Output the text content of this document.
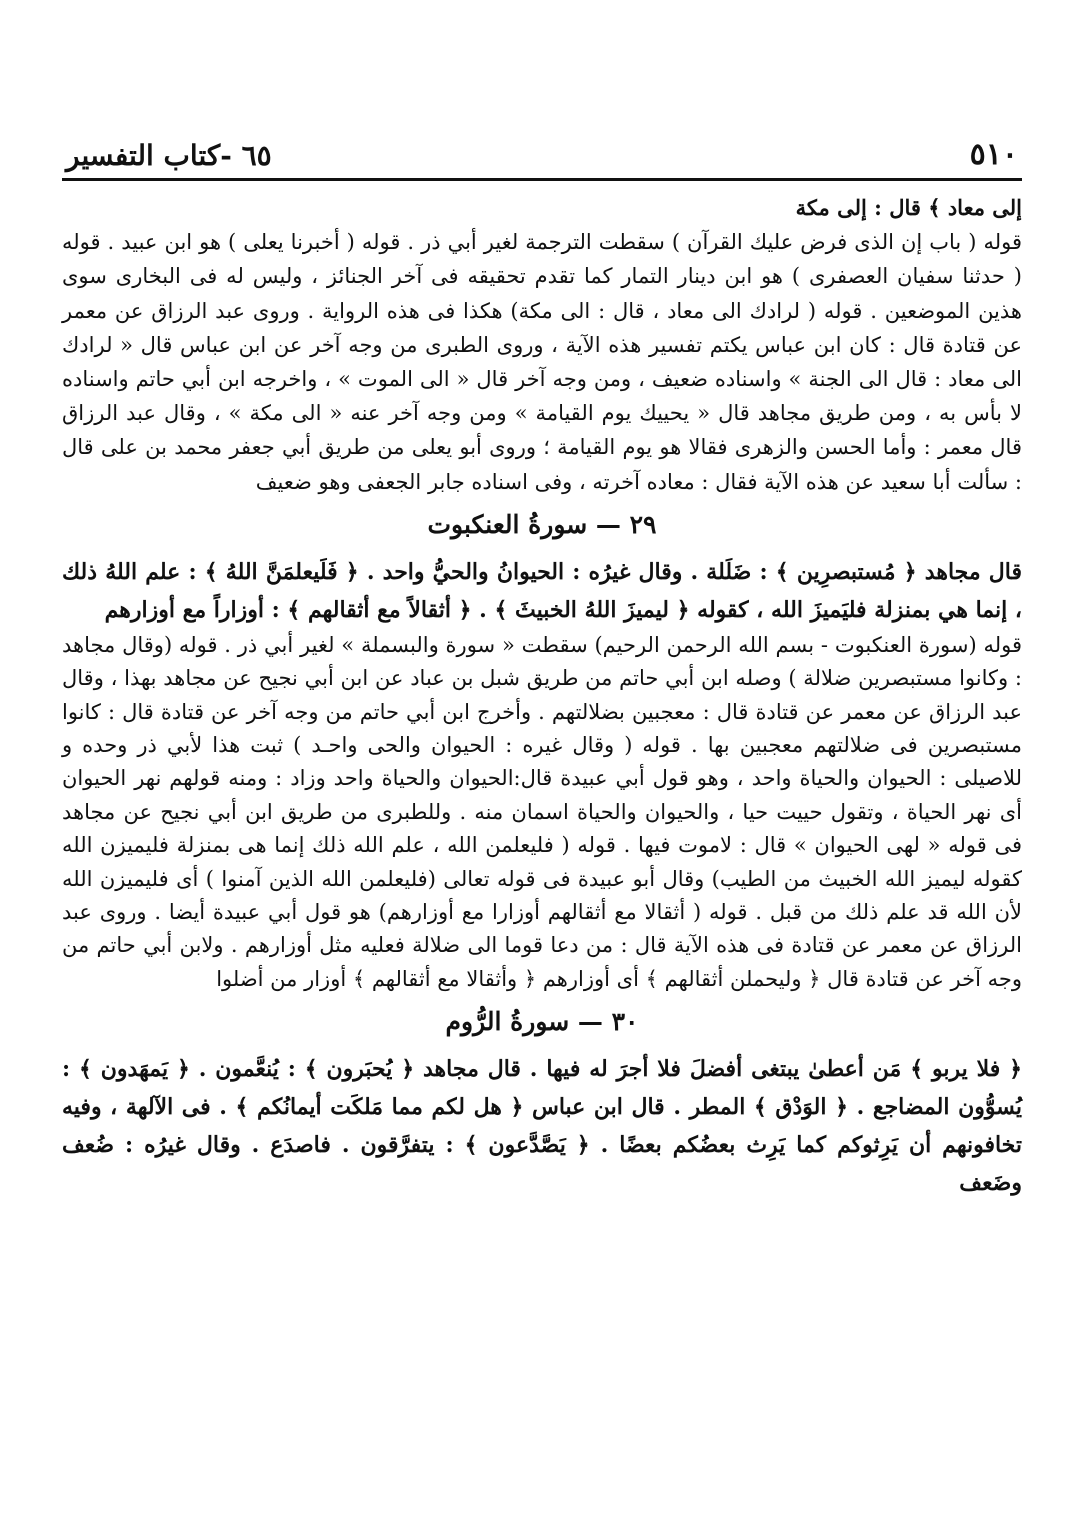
٥١٠
٦٥ -كتاب التفسير

إلى معاد ﴾ قال : إلى مكة

قوله ( باب إن الذى فرض عليك القرآن ) سقطت الترجمة لغير أبي ذر . قوله ( أخبرنا يعلى ) هو ابن عبيد . قوله ( حدثنا سفيان العصفرى ) هو ابن دينار التمار كما تقدم تحقيقه فى آخر الجنائز ، وليس له فى البخارى سوى هذين الموضعين . قوله ( لرادك الى معاد ، قال : الى مكة) هكذا فى هذه الرواية . وروى عبد الرزاق عن معمر عن قتادة قال : كان ابن عباس يكتم تفسير هذه الآية ، وروى الطبرى من وجه آخر عن ابن عباس قال « لرادك الى معاد : قال الى الجنة » واسناده ضعيف ، ومن وجه آخر قال « الى الموت » ، واخرجه ابن أبي حاتم واسناده لا بأس به ، ومن طريق مجاهد قال « يحييك يوم القيامة » ومن وجه آخر عنه « الى مكة » ، وقال عبد الرزاق قال معمر : وأما الحسن والزهرى فقالا هو يوم القيامة ؛ وروى أبو يعلى من طريق أبي جعفر محمد بن على قال : سألت أبا سعيد عن هذه الآية فقال : معاده آخرته ، وفى اسناده جابر الجعفى وهو ضعيف

٢٩ — سورةُ العنكبوت
قال مجاهد ﴿ مُستبصرِين ﴾ : ضَلَلة . وقال غيرُه : الحيوانُ والحيُّ واحد . ﴿ فَلَيعلمَنَّ اللهُ ﴾ : علم اللهُ ذلك ، إنما هي بمنزلة فليَميزَ الله ، كقوله ﴿ ليميزَ اللهُ الخبيثَ ﴾ . ﴿ أثقالاً مع أثقالهم ﴾ : أوزاراً مع أوزارهم
قوله (سورة العنكبوت - بسم الله الرحمن الرحيم) سقطت « سورة والبسملة » لغير أبي ذر . قوله (وقال مجاهد : وكانوا مستبصرين ضلالة ) وصله ابن أبي حاتم من طريق شبل بن عباد عن ابن أبي نجيح عن مجاهد بهذا ، وقال عبد الرزاق عن معمر عن قتادة قال : معجبين بضلالتهم . وأخرج ابن أبي حاتم من وجه آخر عن قتادة قال : كانوا مستبصرين فى ضلالتهم معجبين بها . قوله ( وقال غيره : الحيوان والحى واحـد ) ثبت هذا لأبي ذر وحده و للاصيلى : الحيوان والحياة واحد ، وهو قول أبي عبيدة قال:الحيوان والحياة واحد وزاد : ومنه قولهم نهر الحيوان أى نهر الحياة ، وتقول حييت حيا ، والحيوان والحياة اسمان منه . وللطبرى من طريق ابن أبي نجيح عن مجاهد فى قوله « لهى الحيوان » قال : لاموت فيها . قوله ( فليعلمن الله ، علم الله ذلك إنما هى بمنزلة فليميزن الله كقوله ليميز الله الخبيث من الطيب) وقال أبو عبيدة فى قوله تعالى (فليعلمن الله الذين آمنوا ) أى فليميزن الله لأن الله قد علم ذلك من قبل . قوله ( أثقالا مع أثقالهم أوزارا مع أوزارهم) هو قول أبي عبيدة أيضا . وروى عبد الرزاق عن معمر عن قتادة فى هذه الآية قال : من دعا قوما الى ضلالة فعليه مثل أوزارهم . ولابن أبي حاتم من وجه آخر عن قتادة قال ﴿ وليحملن أثقالهم ﴾ أى أوزارهم ﴿ وأثقالا مع أثقالهم ﴾ أوزار من أضلوا
٣٠ — سورةُ الرُّوم
﴿ فلا يربو ﴾ مَن أعطىٰ يبتغى أفضلَ فلا أجرَ له فيها . قال مجاهد ﴿ يُحبَرون ﴾ : يُنعَّمون . ﴿ يَمهَدون ﴾ : يُسوُّون المضاجع . ﴿ الوَدْق ﴾ المطر . قال ابن عباس ﴿ هل لكم مما مَلكَت أيمانُكم ﴾ . فى الآلهة ، وفيه تخافونهم أن يَرِثوكم كما يَرِث بعضُكم بعضًا . ﴿ يَصَّدَّعون ﴾ : يتفرَّقون . فاصدَع . وقال غيرُه : ضُعف وضَعف
